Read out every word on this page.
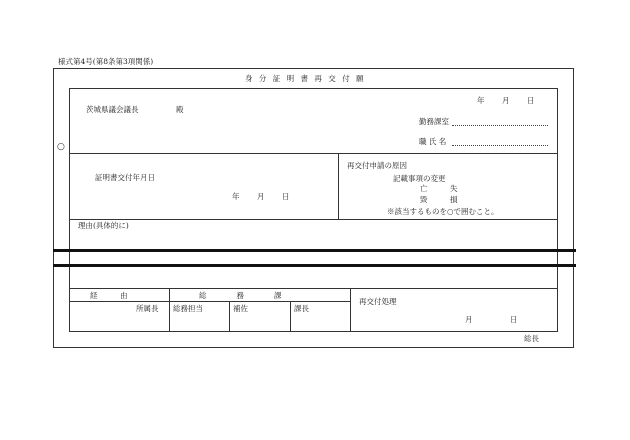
様式第4号(第8条第3項関係)
身 分 証 明 書 再 交 付 願
○
年 月 日
茨城県議会議長	殿
勤務課室
職 氏 名
証明書交付年月日
年 月 日
再交付申請の原因
記載事項の変更
亡　　　失
毀　　　損
※該当するものを○で囲むこと。
理由(具体的に)
経　　　由	総　　　　務　　　　課
再交付処理
所属長 総務担当	補佐	課長
月	日
総長
